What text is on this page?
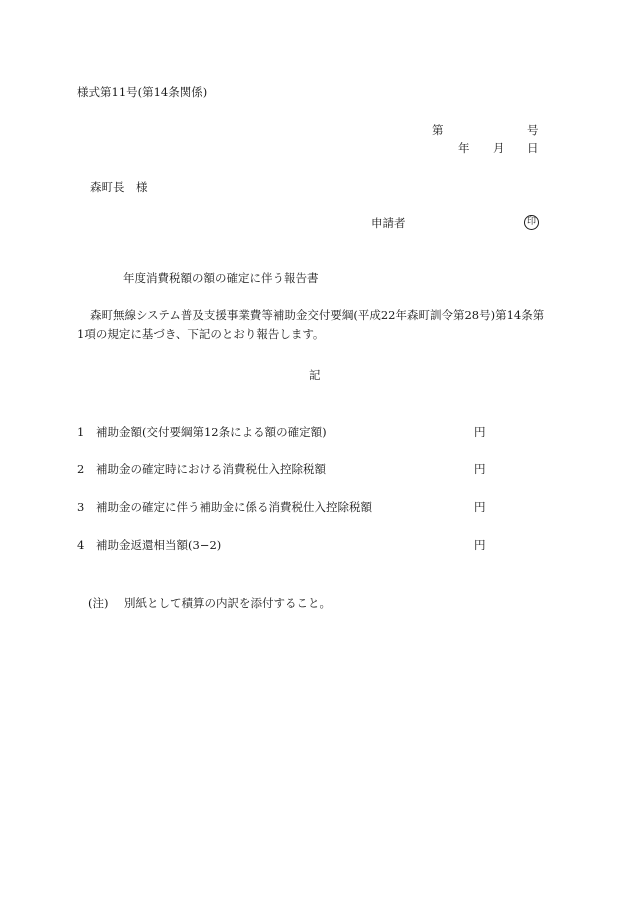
様式第11号(第14条関係)
第	号
年 月 日
森町長 様
申請者	印
年度消費税額の額の確定に伴う報告書
森町無線システム普及支援事業費等補助金交付要綱(平成22年森町訓令第28号)第14条第
1項の規定に基づき、下記のとおり報告します。
記
1 補助金額(交付要綱第12条による額の確定額)	円
2 補助金の確定時における消費税仕入控除税額	円
3 補助金の確定に伴う補助金に係る消費税仕入控除税額	円
4 補助金返還相当額(3−2)	円
(注) 別紙として積算の内訳を添付すること。
